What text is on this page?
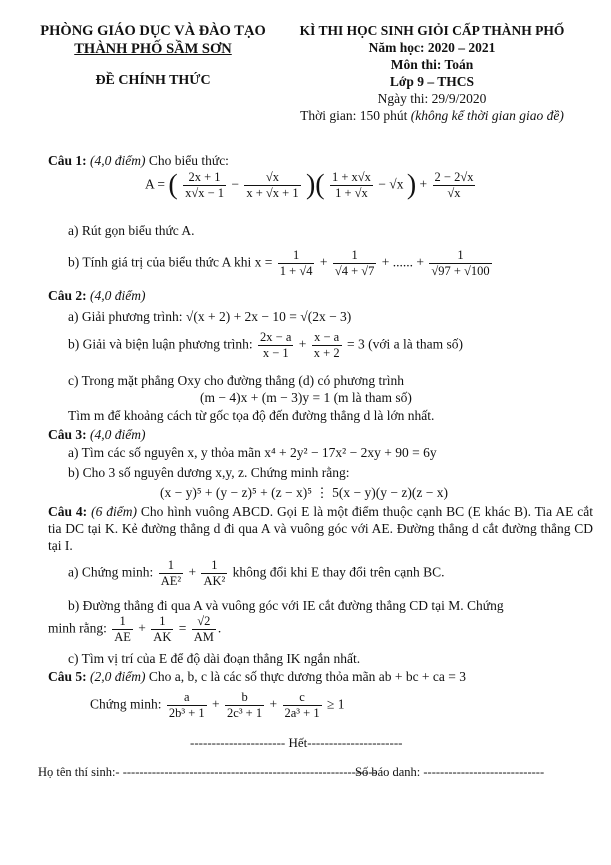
PHÒNG GIÁO DỤC VÀ ĐÀO TẠO
THÀNH PHỐ SẦM SƠN
ĐỀ CHÍNH THỨC
KÌ THI HỌC SINH GIỎI CẤP THÀNH PHỐ
Năm học: 2020 – 2021
Môn thi: Toán
Lớp 9 – THCS
Ngày thi: 29/9/2020
Thời gian: 150 phút (không kể thời gian giao đề)
Câu 1: (4,0 điểm) Cho biểu thức:
A = ( $\frac{2x + 1}{x√x - 1} - \frac{√x}{x + √x + 1}$ )( $\frac{1 + x√x}{1 + √x} - √x$ ) + $\frac{2 - 2√x}{√x}$
a) Rút gọn biểu thức A.
b) Tính giá trị của biểu thức A khi $x = \frac{1}{1 + √4} + \frac{1}{√4 + √7}$ + ...... + $\frac{1}{√97 + √100}$
Câu 2: (4,0 điểm)
a) Giải phương trình: √(x + 2) + 2x − 10 = √(2x − 3)
b) Giải và biện luận phương trình: $\frac{2x - a}{x - 1} + \frac{x - a}{x + 2} = 3$ (với a là tham số)
c) Trong mặt phẳng Oxy cho đường thẳng (d) có phương trình
(m − 4)x + (m − 3)y = 1 (m là tham số)
Tìm m để khoảng cách từ gốc tọa độ đến đường thẳng d là lớn nhất.
Câu 3: (4,0 điểm)
a) Tìm các số nguyên x, y thỏa mãn x⁴ + 2y² − 17x² − 2xy + 90 = 6y
b) Cho 3 số nguyên dương x,y, z. Chứng minh rằng:
(x − y)⁵ + (y − z)⁵ + (z − x)⁵ ⋮ 5(x − y)(y − z)(z − x)
Câu 4: (6 điểm) Cho hình vuông ABCD. Gọi E là một điểm thuộc cạnh BC (E khác B). Tia AE cắt tia DC tại K. Kẻ đường thẳng d đi qua A và vuông góc với AE. Đường thẳng d cắt đường thẳng CD tại I.
a) Chứng minh: $\frac{1}{\text{AE²}} + \frac{1}{\text{AK²}}$ không đổi khi E thay đổi trên cạnh BC.
b) Đường thẳng đi qua A và vuông góc với IE cắt đường thẳng CD tại M. Chứng
minh rằng: $\frac{1}{AE} + \frac{1}{AK} = \frac{√2}{AM}$ .
c) Tìm vị trí của E để độ dài đoạn thẳng IK ngắn nhất.
Câu 5: (2,0 điểm) Cho a, b, c là các số thực dương thỏa mãn ab + bc + ca = 3
Chứng minh: $\frac{a}{\text{2b³ + 1}} + \frac{b}{\text{2c³ + 1}} + \frac{c}{\text{2a³ + 1}} \ge 1$
---------------------- Hết----------------------
Họ tên thí sinh:- -------------------------------------------------------------
Số báo danh: -----------------------------
